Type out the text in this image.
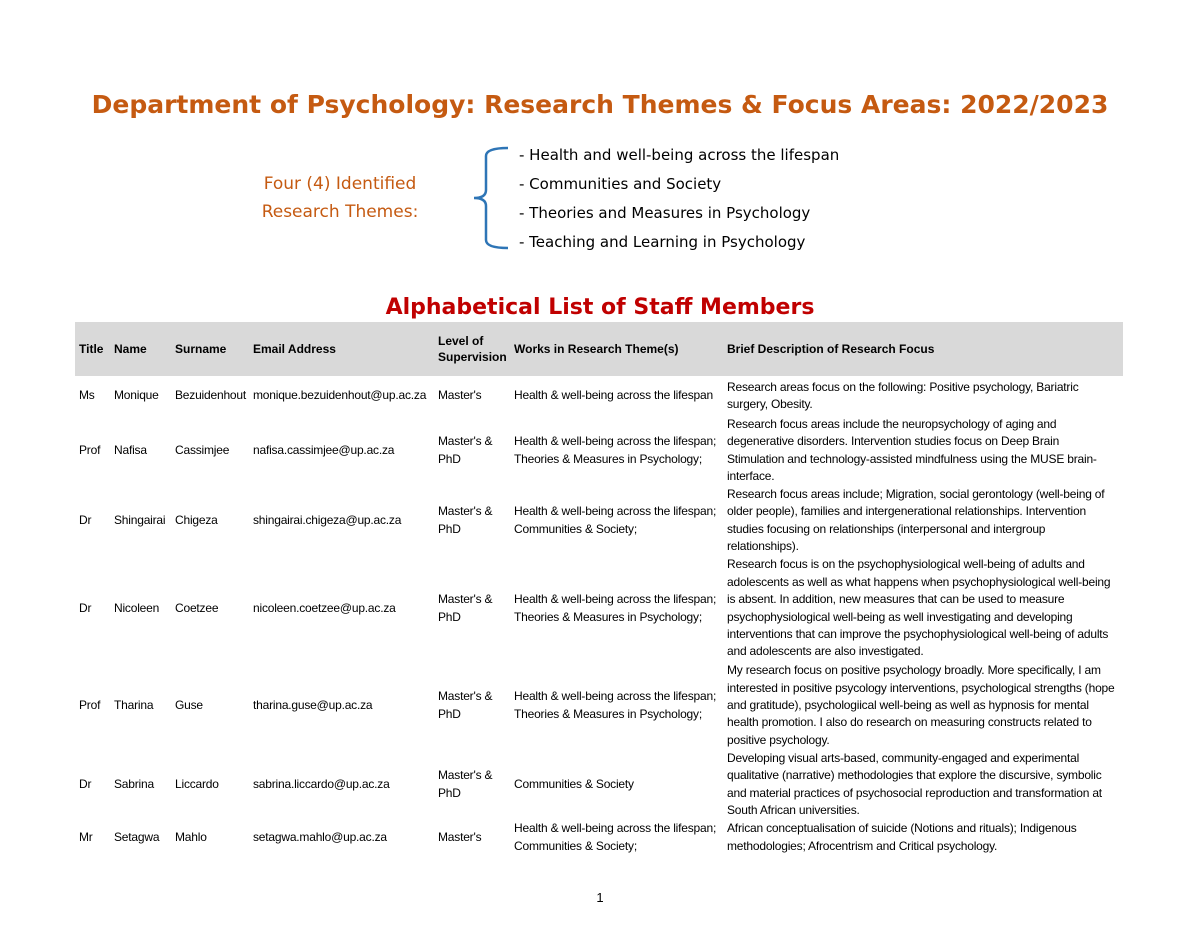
Department of Psychology: Research Themes & Focus Areas: 2022/2023
Four (4) Identified
Research Themes:
- Health and well-being across the lifespan
- Communities and Society
- Theories and Measures in Psychology
- Teaching and Learning in Psychology
Alphabetical List of Staff Members
Title	Name	Surname	Email Address	Level of Supervision	Works in Research Theme(s)	Brief Description of Research Focus
Ms	Monique	Bezuidenhout	monique.bezuidenhout@up.ac.za	Master's	Health & well-being across the lifespan	Research areas focus on the following: Positive psychology, Bariatric surgery, Obesity.
Prof	Nafisa	Cassimjee	nafisa.cassimjee@up.ac.za	Master's & PhD	Health & well-being across the lifespan; Theories & Measures in Psychology;	Research focus areas include the neuropsychology of aging and degenerative disorders. Intervention studies focus on Deep Brain Stimulation and technology-assisted mindfulness using the MUSE brain-interface.
Dr	Shingairai	Chigeza	shingairai.chigeza@up.ac.za	Master's & PhD	Health & well-being across the lifespan; Communities & Society;	Research focus areas include; Migration, social gerontology (well-being of older people), families and intergenerational relationships. Intervention studies focusing on relationships (interpersonal and intergroup relationships).
Dr	Nicoleen	Coetzee	nicoleen.coetzee@up.ac.za	Master's & PhD	Health & well-being across the lifespan; Theories & Measures in Psychology;	Research focus is on the psychophysiological well-being of adults and adolescents as well as what happens when psychophysiological well-being is absent. In addition, new measures that can be used to measure psychophysiological well-being as well investigating and developing interventions that can improve the psychophysiological well-being of adults and adolescents are also investigated.
Prof	Tharina	Guse	tharina.guse@up.ac.za	Master's & PhD	Health & well-being across the lifespan; Theories & Measures in Psychology;	My research focus on positive psychology broadly. More specifically, I am interested in positive psycology interventions, psychological strengths (hope and gratitude), psychologiical well-being as well as hypnosis for mental health promotion. I also do research on measuring constructs related to positive psychology.
Dr	Sabrina	Liccardo	sabrina.liccardo@up.ac.za	Master's & PhD	Communities & Society	Developing visual arts-based, community-engaged and experimental qualitative (narrative) methodologies that explore the discursive, symbolic and material practices of psychosocial reproduction and transformation at South African universities.
Mr	Setagwa	Mahlo	setagwa.mahlo@up.ac.za	Master's	Health & well-being across the lifespan; Communities & Society;	African conceptualisation of suicide (Notions and rituals); Indigenous methodologies; Afrocentrism and Critical psychology.
1
